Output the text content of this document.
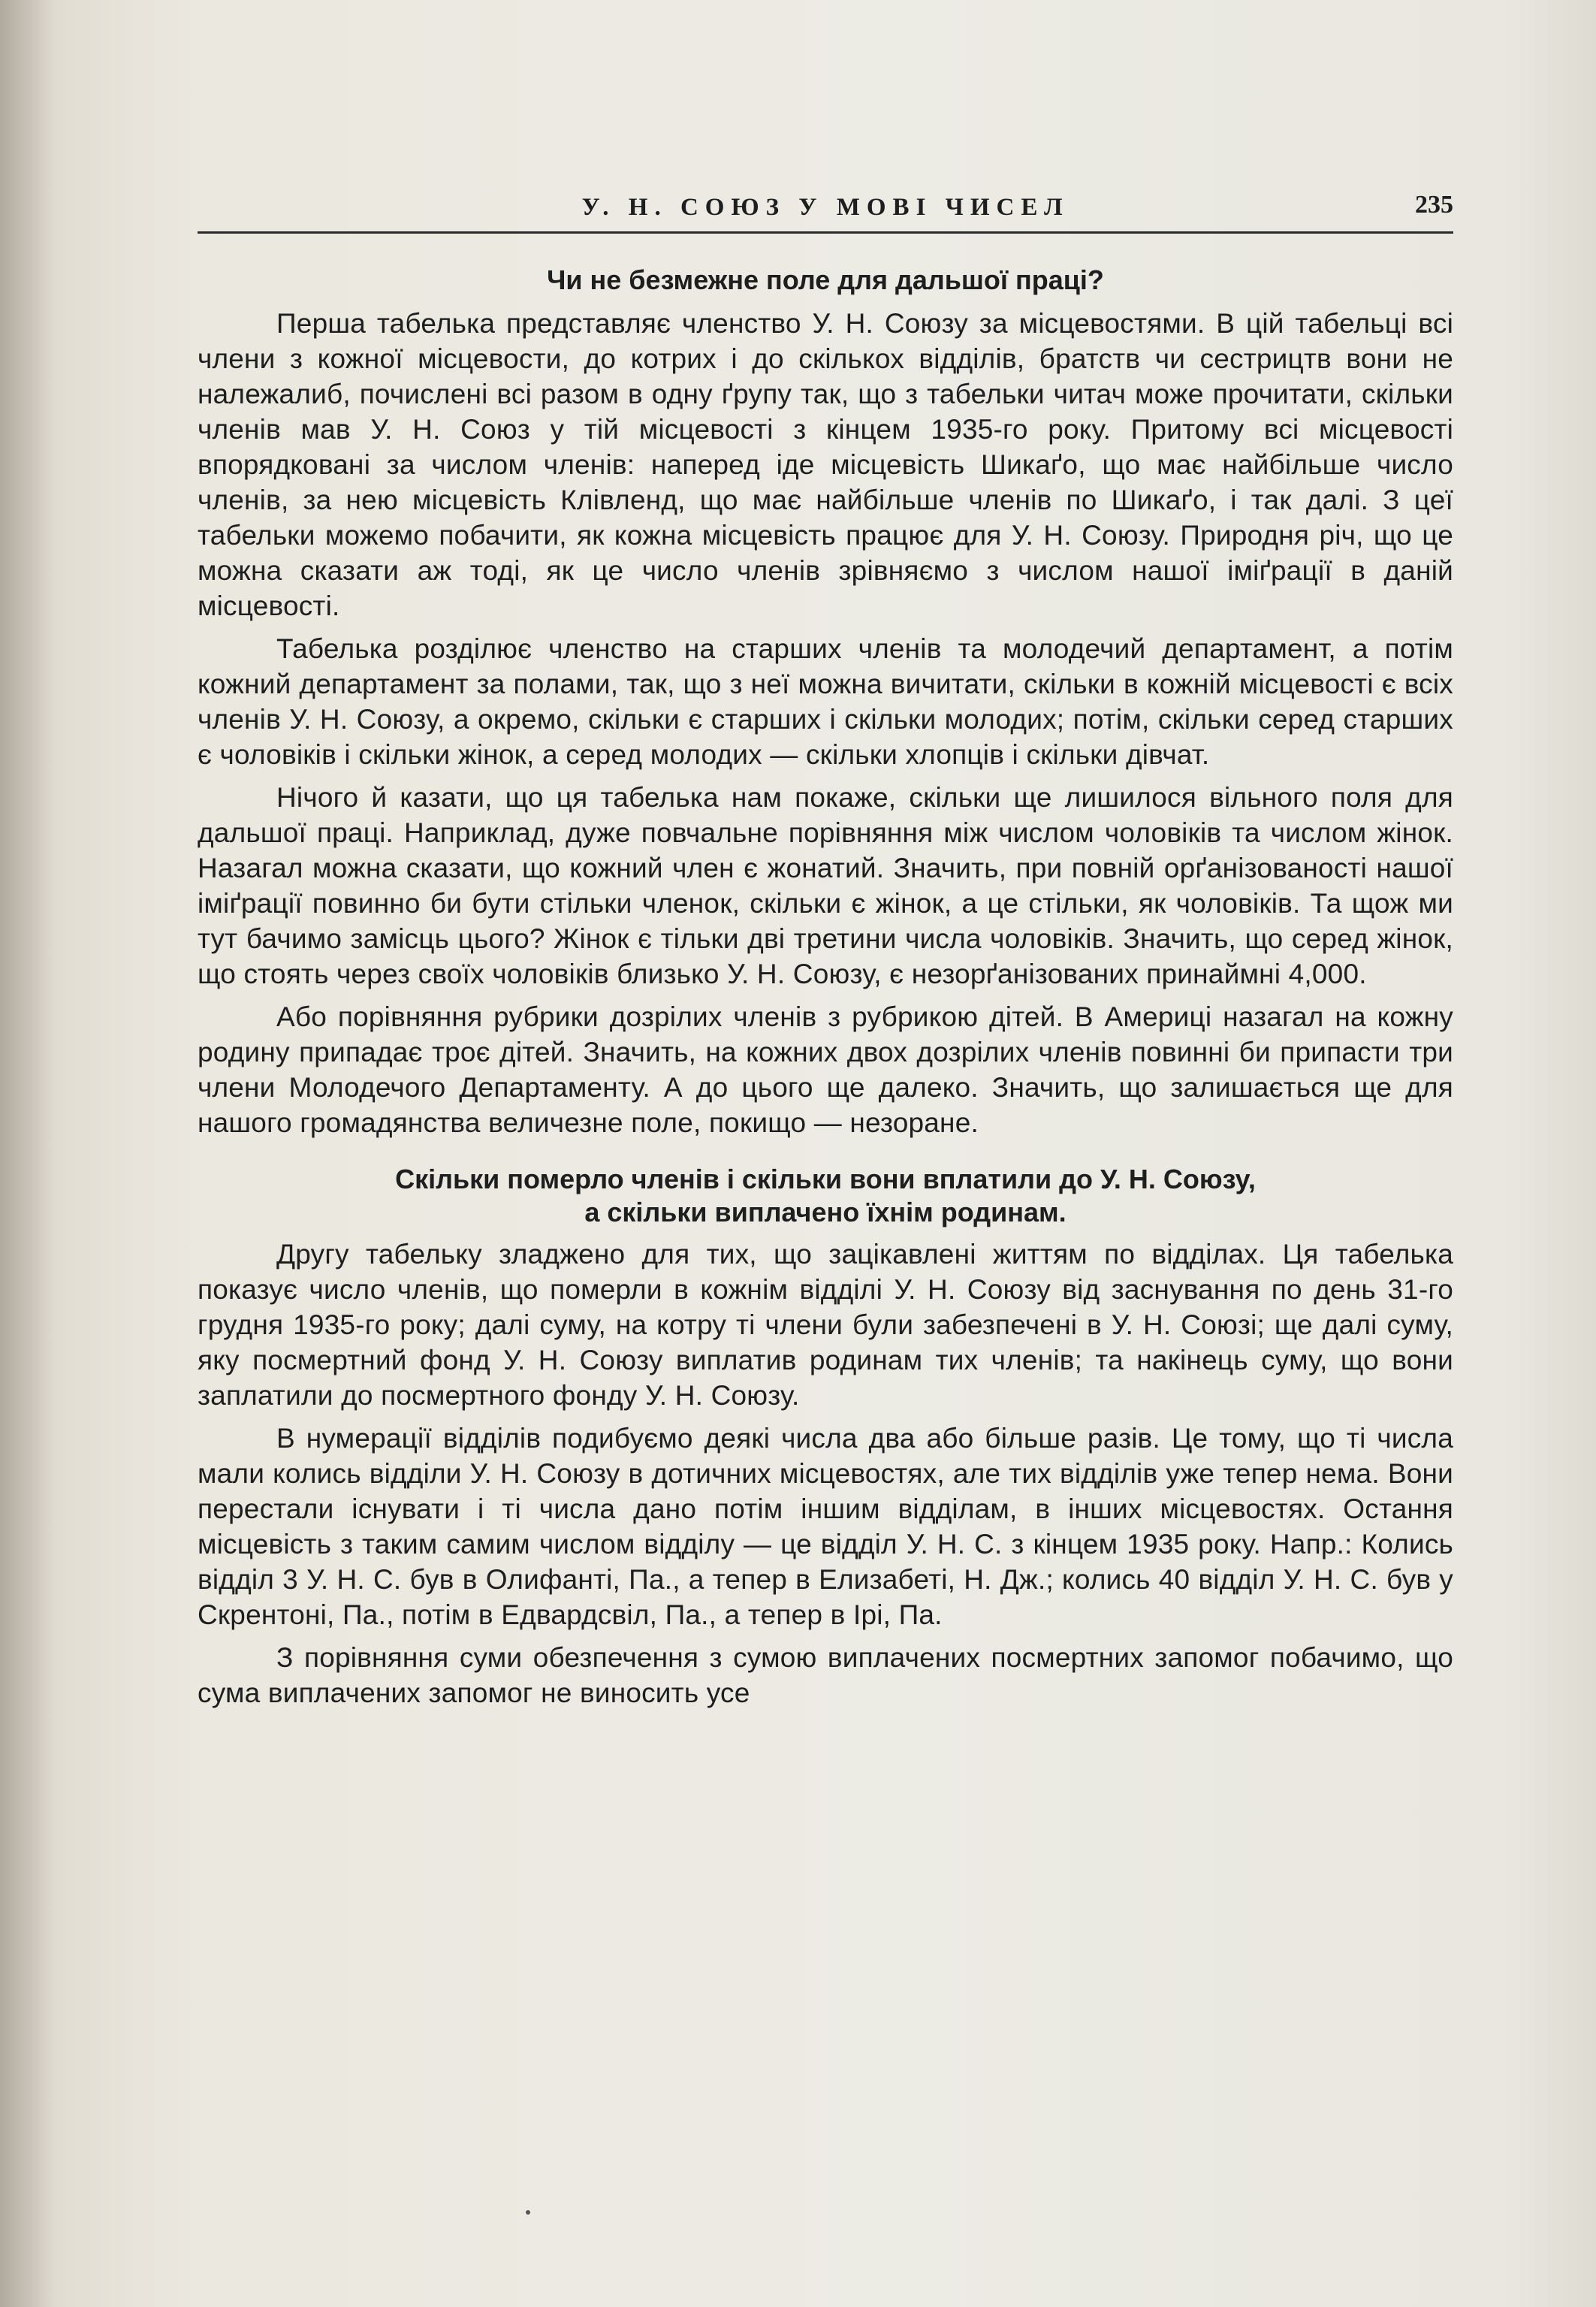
У. Н. СОЮЗ У МОВІ ЧИСЕЛ	235
Чи не безмежне поле для дальшої праці?

Перша табелька представляє членство У. Н. Союзу за місцевостями. В цій табельці всі члени з кожної місцевости, до котрих і до скількох відділів, братств чи сестрицтв вони не належалиб, почислені всі разом в одну ґрупу так, що з табельки читач може прочитати, скільки членів мав У. Н. Союз у тій місцевості з кінцем 1935-го року. Притому всі місцевості впорядковані за числом членів: наперед іде місцевість Шикаґо, що має найбільше число членів, за нею місцевість Клівленд, що має найбільше членів по Шикаґо, і так далі. З цеї табельки можемо побачити, як кожна місцевість працює для У. Н. Союзу. Природня річ, що це можна сказати аж тоді, як це число членів зрівняємо з числом нашої іміґрації в даній місцевості.

Табелька розділює членство на старших членів та молодечий департамент, а потім кожний департамент за полами, так, що з неї можна вичитати, скільки в кожній місцевості є всіх членів У. Н. Союзу, а окремо, скільки є старших і скільки молодих; потім, скільки серед старших є чоловіків і скільки жінок, а серед молодих — скільки хлопців і скільки дівчат.

Нічого й казати, що ця табелька нам покаже, скільки ще лишилося вільного поля для дальшої праці. Наприклад, дуже повчальне порівняння між числом чоловіків та числом жінок. Назагал можна сказати, що кожний член є жонатий. Значить, при повній орґанізованості нашої іміґрації повинно би бути стільки членок, скільки є жінок, а це стільки, як чоловіків. Та щож ми тут бачимо замісць цього? Жінок є тільки дві третини числа чоловіків. Значить, що серед жінок, що стоять через своїх чоловіків близько У. Н. Союзу, є незорґанізованих принаймні 4,000.

Або порівняння рубрики дозрілих членів з рубрикою дітей. В Америці назагал на кожну родину припадає троє дітей. Значить, на кожних двох дозрілих членів повинні би припасти три члени Молодечого Департаменту. А до цього ще далеко. Значить, що залишається ще для нашого громадянства величезне поле, покищо — незоране.

Скільки померло членів і скільки вони вплатили до У. Н. Союзу,
а скільки виплачено їхнім родинам.

Другу табельку зладжено для тих, що зацікавлені життям по відділах. Ця табелька показує число членів, що померли в кожнім відділі У. Н. Союзу від заснування по день 31-го грудня 1935-го року; далі суму, на котру ті члени були забезпечені в У. Н. Союзі; ще далі суму, яку посмертний фонд У. Н. Союзу виплатив родинам тих членів; та накінець суму, що вони заплатили до посмертного фонду У. Н. Союзу.

В нумерації відділів подибуємо деякі числа два або більше разів. Це тому, що ті числа мали колись відділи У. Н. Союзу в дотичних місцевостях, але тих відділів уже тепер нема. Вони перестали існувати і ті числа дано потім іншим відділам, в інших місцевостях. Остання місцевість з таким самим числом відділу — це відділ У. Н. С. з кінцем 1935 року. Напр.: Колись відділ 3 У. Н. С. був в Олифанті, Па., а тепер в Елизабеті, Н. Дж.; колись 40 відділ У. Н. С. був у Скрентоні, Па., потім в Едвардсвіл, Па., а тепер в Ірі, Па.

З порівняння суми обезпечення з сумою виплачених посмертних запомог побачимо, що сума виплачених запомог не виносить усе
